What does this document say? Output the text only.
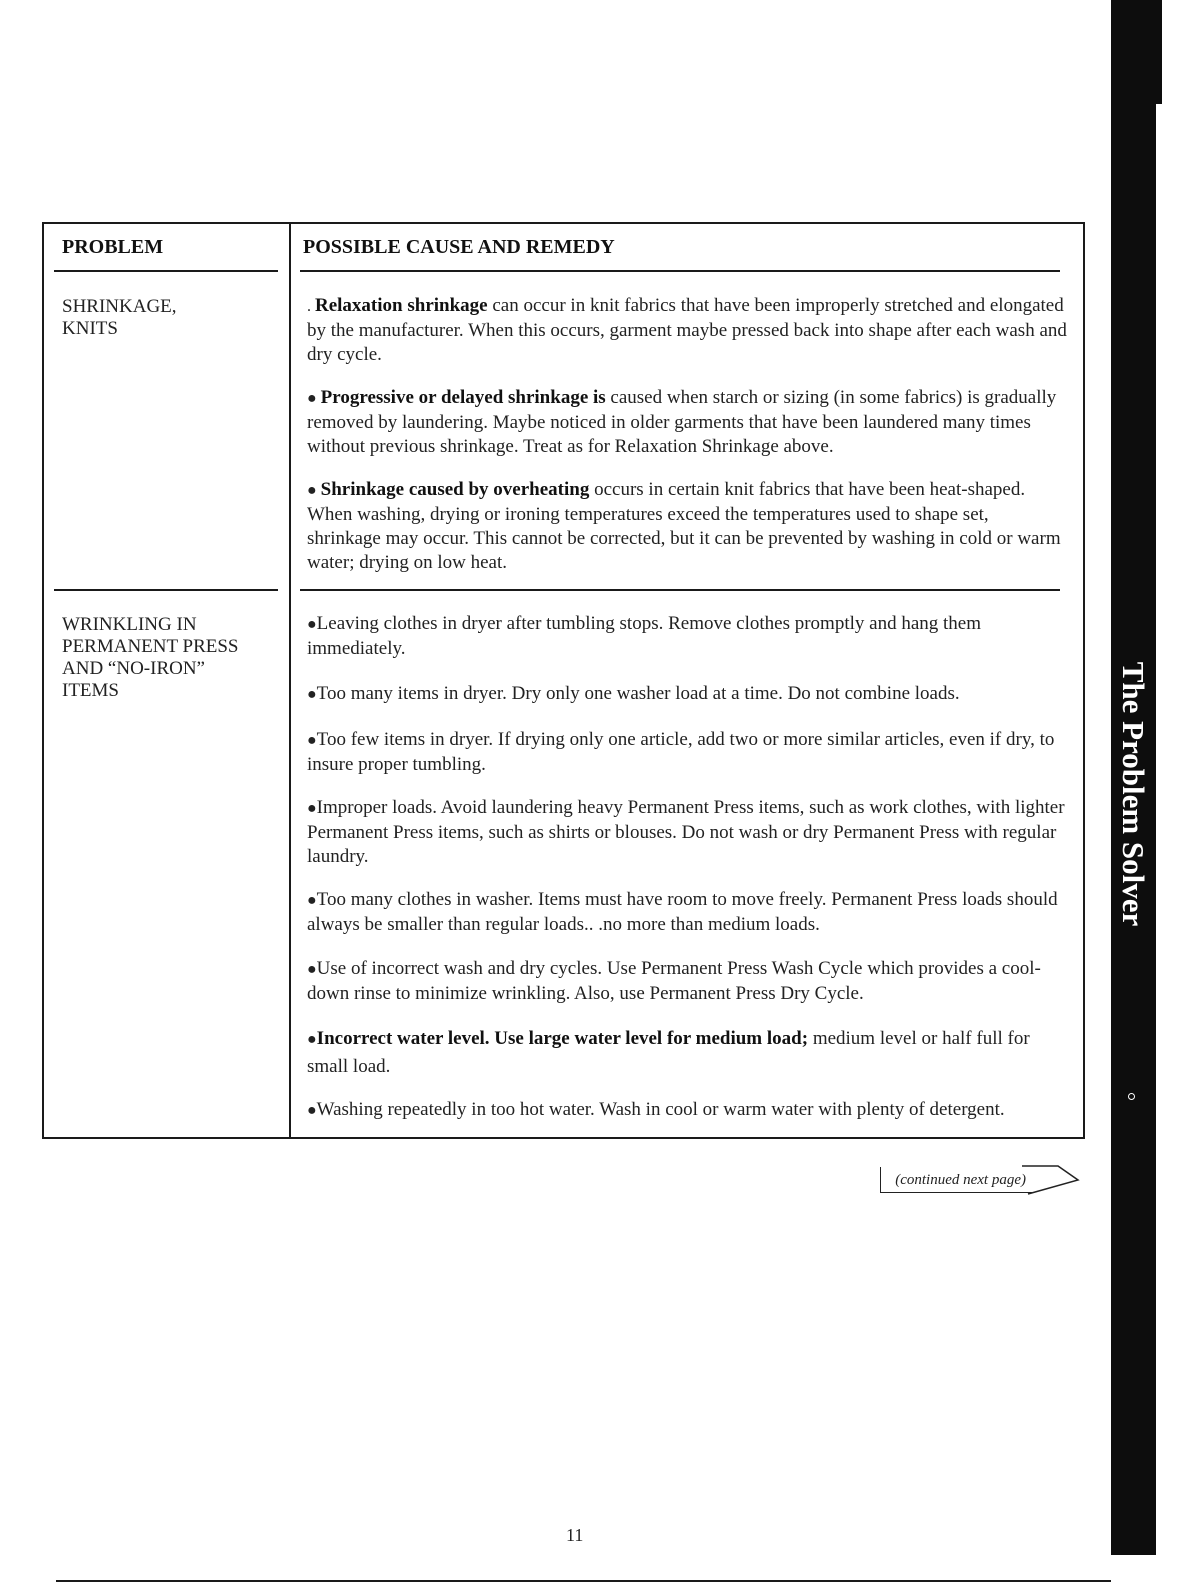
The Problem Solver
PROBLEM	POSSIBLE CAUSE AND REMEDY
SHRINKAGE,
KNITS
. Relaxation shrinkage can occur in knit fabrics that have been improperly stretched and elongated by the manufacturer. When this occurs, garment maybe pressed back into shape after each wash and dry cycle.
● Progressive or delayed shrinkage is caused when starch or sizing (in some fabrics) is gradually removed by laundering. Maybe noticed in older garments that have been laundered many times without previous shrinkage. Treat as for Relaxation Shrinkage above.
● Shrinkage caused by overheating occurs in certain knit fabrics that have been heat-shaped. When washing, drying or ironing temperatures exceed the temperatures used to shape set, shrinkage may occur. This cannot be corrected, but it can be prevented by washing in cold or warm water; drying on low heat.
WRINKLING IN
PERMANENT PRESS
AND “NO-IRON”
ITEMS
●Leaving clothes in dryer after tumbling stops. Remove clothes promptly and hang them immediately.
●Too many items in dryer. Dry only one washer load at a time. Do not combine loads.
●Too few items in dryer. If drying only one article, add two or more similar articles, even if dry, to insure proper tumbling.
●Improper loads. Avoid laundering heavy Permanent Press items, such as work clothes, with lighter Permanent Press items, such as shirts or blouses. Do not wash or dry Permanent Press with regular laundry.
●Too many clothes in washer. Items must have room to move freely. Permanent Press loads should always be smaller than regular loads.. .no more than medium loads.
●Use of incorrect wash and dry cycles. Use Permanent Press Wash Cycle which provides a cool-down rinse to minimize wrinkling. Also, use Permanent Press Dry Cycle.
●Incorrect water level. Use large water level for medium load; medium level or half full for small load.
●Washing repeatedly in too hot water. Wash in cool or warm water with plenty of detergent.
(continued next page)
11
